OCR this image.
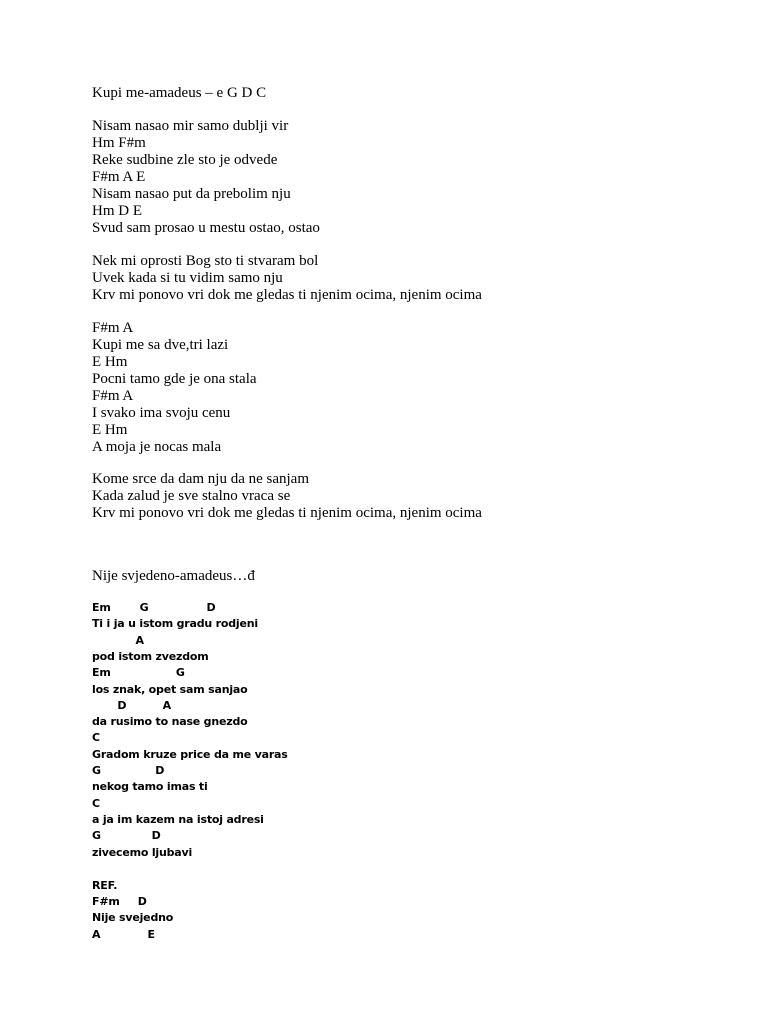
Kupi me-amadeus – e G D C
Nisam nasao mir samo dublji vir
Hm F#m
Reke sudbine zle sto je odvede
F#m A E
Nisam nasao put da prebolim nju
Hm D E
Svud sam prosao u mestu ostao, ostao
Nek mi oprosti Bog sto ti stvaram bol
Uvek kada si tu vidim samo nju
Krv mi ponovo vri dok me gledas ti njenim ocima, njenim ocima
F#m A
Kupi me sa dve,tri lazi
E Hm
Pocni tamo gde je ona stala
F#m A
I svako ima svoju cenu
E Hm
A moja je nocas mala
Kome srce da dam nju da ne sanjam
Kada zalud je sve stalno vraca se
Krv mi ponovo vri dok me gledas ti njenim ocima, njenim ocima
Nije svjedeno-amadeus…đ
Em        G                D
Ti i ja u istom gradu rodjeni
A
pod istom zvezdom
Em                  G
los znak, opet sam sanjao
D          A
da rusimo to nase gnezdo
C
Gradom kruze price da me varas
G               D
nekog tamo imas ti
C
a ja im kazem na istoj adresi
G              D
zivecemo ljubavi
REF.
F#m     D
Nije svejedno
A             E
